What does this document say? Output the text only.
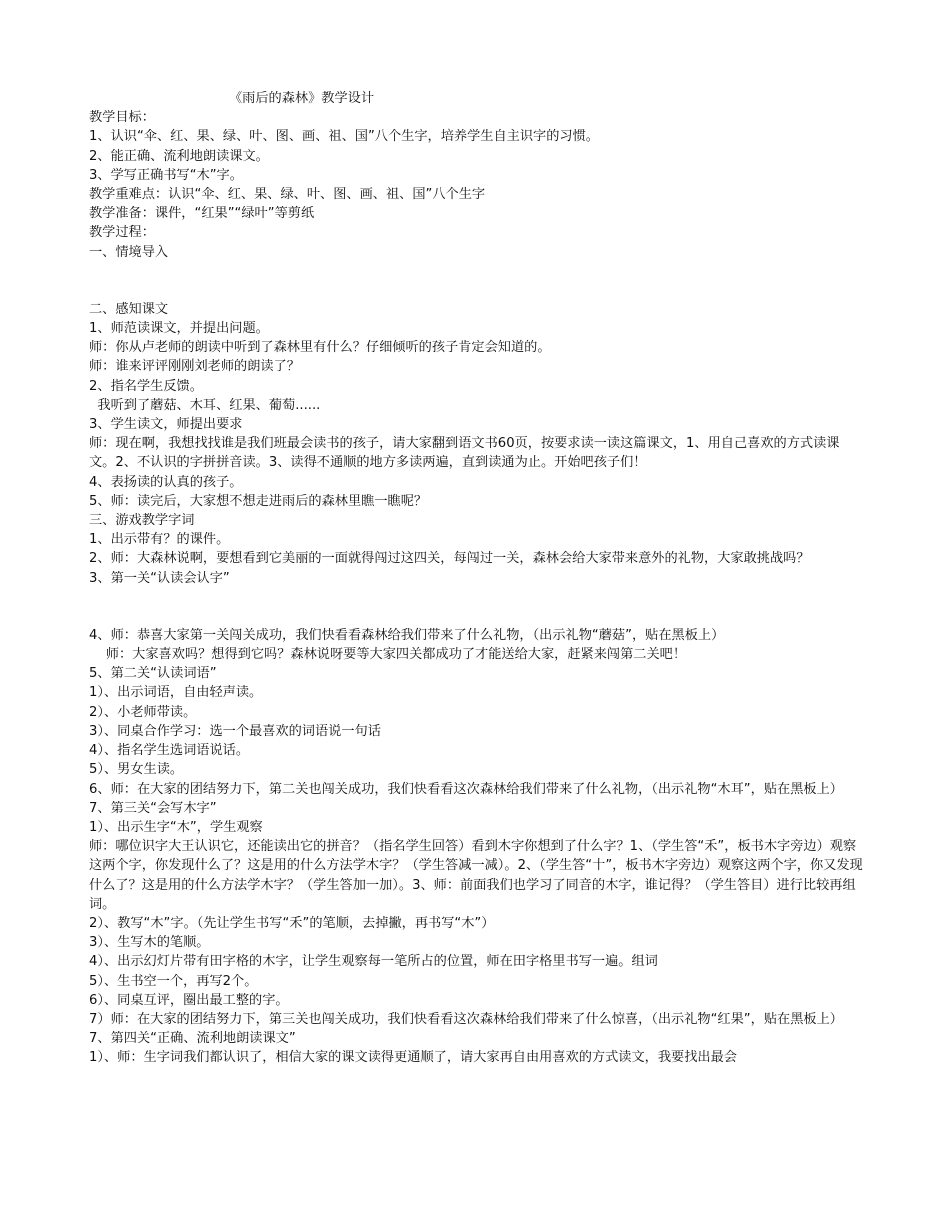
《雨后的森林》教学设计
教学目标：
1、认识“伞、红、果、绿、叶、图、画、祖、国”八个生字，培养学生自主识字的习惯。
2、能正确、流利地朗读课文。
3、学写正确书写“木”字。
教学重难点：认识“伞、红、果、绿、叶、图、画、祖、国”八个生字
教学准备：课件，“红果”“绿叶”等剪纸
教学过程：
一、情境导入
二、感知课文
1、师范读课文，并提出问题。
师：你从卢老师的朗读中听到了森林里有什么？仔细倾听的孩子肯定会知道的。
师：谁来评评刚刚刘老师的朗读了？
2、指名学生反馈。
我听到了蘑菇、木耳、红果、葡萄......
3、学生读文，师提出要求
师：现在啊，我想找找谁是我们班最会读书的孩子，请大家翻到语文书60页，按要求读一读这篇课文，1、用自己喜欢的方式读课文。2、不认识的字拼拼音读。3、读得不通顺的地方多读两遍，直到读通为止。开始吧孩子们！
4、表扬读的认真的孩子。
5、师：读完后，大家想不想走进雨后的森林里瞧一瞧呢？
三、游戏教学字词
1、出示带有？的课件。
2、师：大森林说啊，要想看到它美丽的一面就得闯过这四关，每闯过一关，森林会给大家带来意外的礼物，大家敢挑战吗？
3、第一关“认读会认字”
4、师：恭喜大家第一关闯关成功，我们快看看森林给我们带来了什么礼物，（出示礼物“蘑菇”，贴在黑板上）
师：大家喜欢吗？想得到它吗？森林说呀要等大家四关都成功了才能送给大家，赶紧来闯第二关吧！
5、第二关“认读词语”
1）、出示词语，自由轻声读。
2）、小老师带读。
3）、同桌合作学习：选一个最喜欢的词语说一句话
4）、指名学生选词语说话。
5）、男女生读。
6、师：在大家的团结努力下，第二关也闯关成功，我们快看看这次森林给我们带来了什么礼物，（出示礼物“木耳”，贴在黑板上）
7、第三关“会写木字”
1）、出示生字“木”，学生观察
师：哪位识字大王认识它，还能读出它的拼音？（指名学生回答）看到木字你想到了什么字？1、（学生答“禾”，板书木字旁边）观察这两个字，你发现什么了？这是用的什么方法学木字？（学生答减一减）。2、（学生答“十”，板书木字旁边）观察这两个字，你又发现什么了？这是用的什么方法学木字？（学生答加一加）。3、师：前面我们也学习了同音的木字，谁记得？（学生答目）进行比较再组词。
2）、教写“木”字。（先让学生书写“禾”的笔顺，去掉撇，再书写“木”）
3）、生写木的笔顺。
4）、出示幻灯片带有田字格的木字，让学生观察每一笔所占的位置，师在田字格里书写一遍。组词
5）、生书空一个，再写2个。
6）、同桌互评，圈出最工整的字。
7）师：在大家的团结努力下，第三关也闯关成功，我们快看看这次森林给我们带来了什么惊喜，（出示礼物“红果”，贴在黑板上）
7、第四关“正确、流利地朗读课文”
1）、师：生字词我们都认识了，相信大家的课文读得更通顺了，请大家再自由用喜欢的方式读文，我要找出最会
